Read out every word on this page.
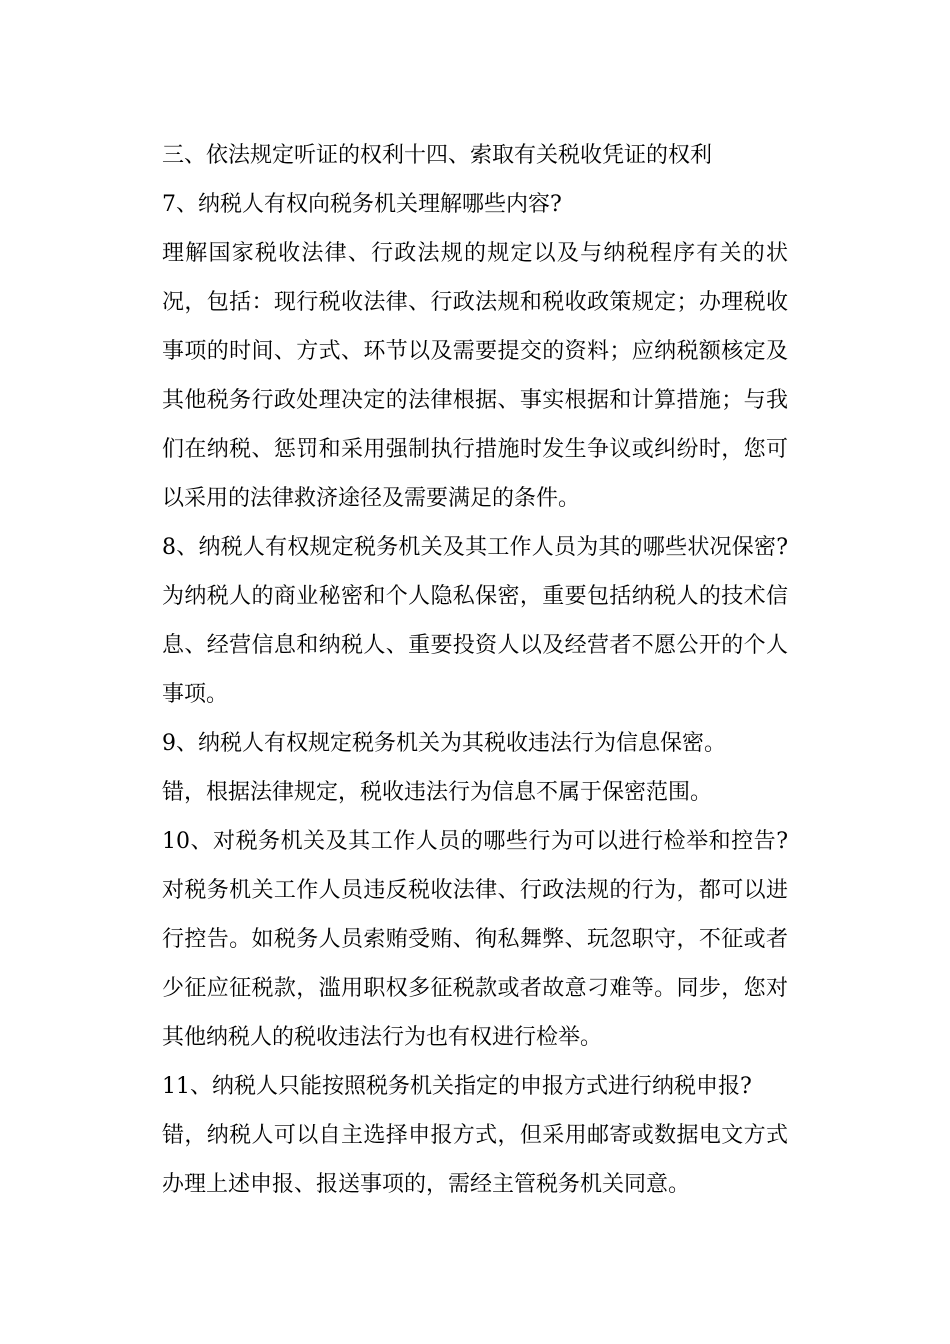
三、依法规定听证的权利十四、索取有关税收凭证的权利
7、纳税人有权向税务机关理解哪些内容?
理解国家税收法律、行政法规的规定以及与纳税程序有关的状
况，包括：现行税收法律、行政法规和税收政策规定；办理税收
事项的时间、方式、环节以及需要提交的资料；应纳税额核定及
其他税务行政处理决定的法律根据、事实根据和计算措施；与我
们在纳税、惩罚和采用强制执行措施时发生争议或纠纷时，您可
以采用的法律救济途径及需要满足的条件。
8、纳税人有权规定税务机关及其工作人员为其的哪些状况保密?
为纳税人的商业秘密和个人隐私保密，重要包括纳税人的技术信
息、经营信息和纳税人、重要投资人以及经营者不愿公开的个人
事项。
9、纳税人有权规定税务机关为其税收违法行为信息保密。
错，根据法律规定，税收违法行为信息不属于保密范围。
10、对税务机关及其工作人员的哪些行为可以进行检举和控告?
对税务机关工作人员违反税收法律、行政法规的行为，都可以进
行控告。如税务人员索贿受贿、徇私舞弊、玩忽职守，不征或者
少征应征税款，滥用职权多征税款或者故意刁难等。同步，您对
其他纳税人的税收违法行为也有权进行检举。
11、纳税人只能按照税务机关指定的申报方式进行纳税申报?
错，纳税人可以自主选择申报方式，但采用邮寄或数据电文方式
办理上述申报、报送事项的，需经主管税务机关同意。
